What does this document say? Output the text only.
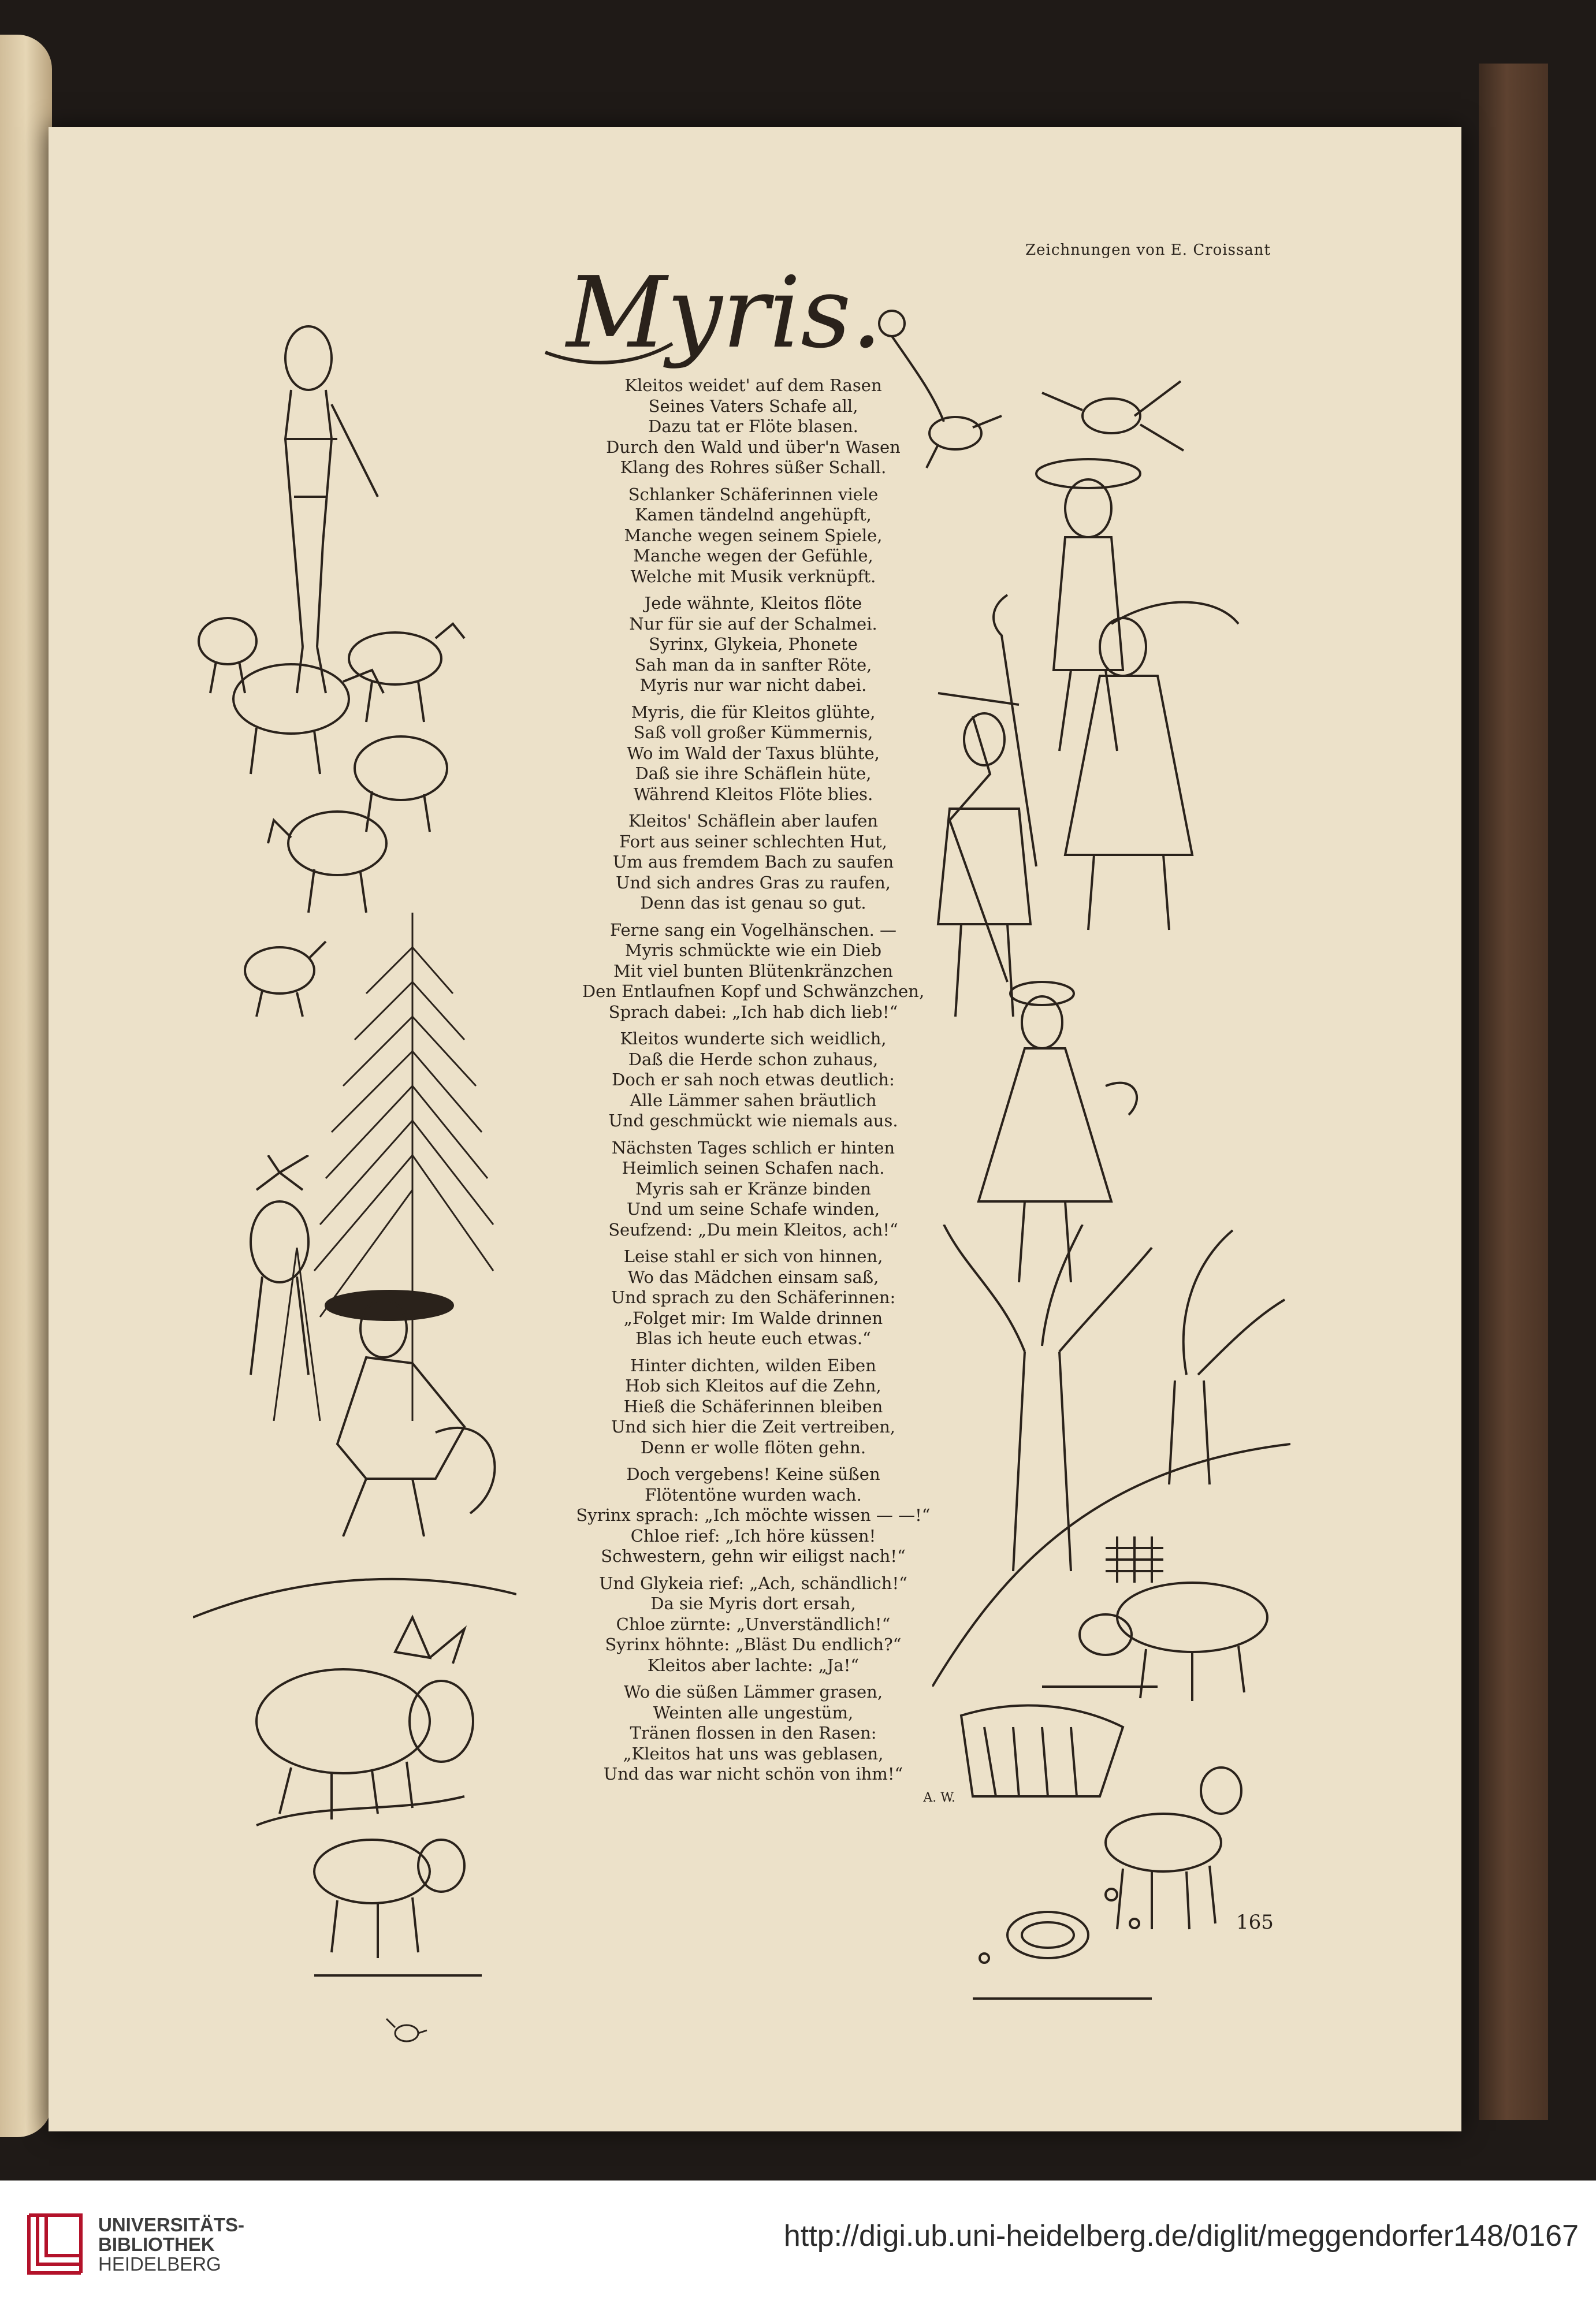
Zeichnungen von E. Croissant
Myris.
Kleitos weidet' auf dem Rasen
Seines Vaters Schafe all,
Dazu tat er Flöte blasen.
Durch den Wald und über'n Wasen
Klang des Rohres süßer Schall.
Schlanker Schäferinnen viele
Kamen tändelnd angehüpft,
Manche wegen seinem Spiele,
Manche wegen der Gefühle,
Welche mit Musik verknüpft.
Jede wähnte, Kleitos flöte
Nur für sie auf der Schalmei.
Syrinx, Glykeia, Phonete
Sah man da in sanfter Röte,
Myris nur war nicht dabei.
Myris, die für Kleitos glühte,
Saß voll großer Kümmernis,
Wo im Wald der Taxus blühte,
Daß sie ihre Schäflein hüte,
Während Kleitos Flöte blies.
Kleitos' Schäflein aber laufen
Fort aus seiner schlechten Hut,
Um aus fremdem Bach zu saufen
Und sich andres Gras zu raufen,
Denn das ist genau so gut.
Ferne sang ein Vogelhänschen. —
Myris schmückte wie ein Dieb
Mit viel bunten Blütenkränzchen
Den Entlaufnen Kopf und Schwänzchen,
Sprach dabei: „Ich hab dich lieb!“
Kleitos wunderte sich weidlich,
Daß die Herde schon zuhaus,
Doch er sah noch etwas deutlich:
Alle Lämmer sahen bräutlich
Und geschmückt wie niemals aus.
Nächsten Tages schlich er hinten
Heimlich seinen Schafen nach.
Myris sah er Kränze binden
Und um seine Schafe winden,
Seufzend: „Du mein Kleitos, ach!“
Leise stahl er sich von hinnen,
Wo das Mädchen einsam saß,
Und sprach zu den Schäferinnen:
„Folget mir: Im Walde drinnen
Blas ich heute euch etwas.“
Hinter dichten, wilden Eiben
Hob sich Kleitos auf die Zehn,
Hieß die Schäferinnen bleiben
Und sich hier die Zeit vertreiben,
Denn er wolle flöten gehn.
Doch vergebens! Keine süßen
Flötentöne wurden wach.
Syrinx sprach: „Ich möchte wissen — —!“
Chloe rief: „Ich höre küssen!
Schwestern, gehn wir eiligst nach!“
Und Glykeia rief: „Ach, schändlich!“
Da sie Myris dort ersah,
Chloe zürnte: „Unverständlich!“
Syrinx höhnte: „Bläst Du endlich?“
Kleitos aber lachte: „Ja!“
Wo die süßen Lämmer grasen,
Weinten alle ungestüm,
Tränen flossen in den Rasen:
„Kleitos hat uns was geblasen,
Und das war nicht schön von ihm!“
A. W.
165
UNIVERSITÄTS-
BIBLIOTHEK
HEIDELBERG
http://digi.ub.uni-heidelberg.de/diglit/meggendorfer148/0167
